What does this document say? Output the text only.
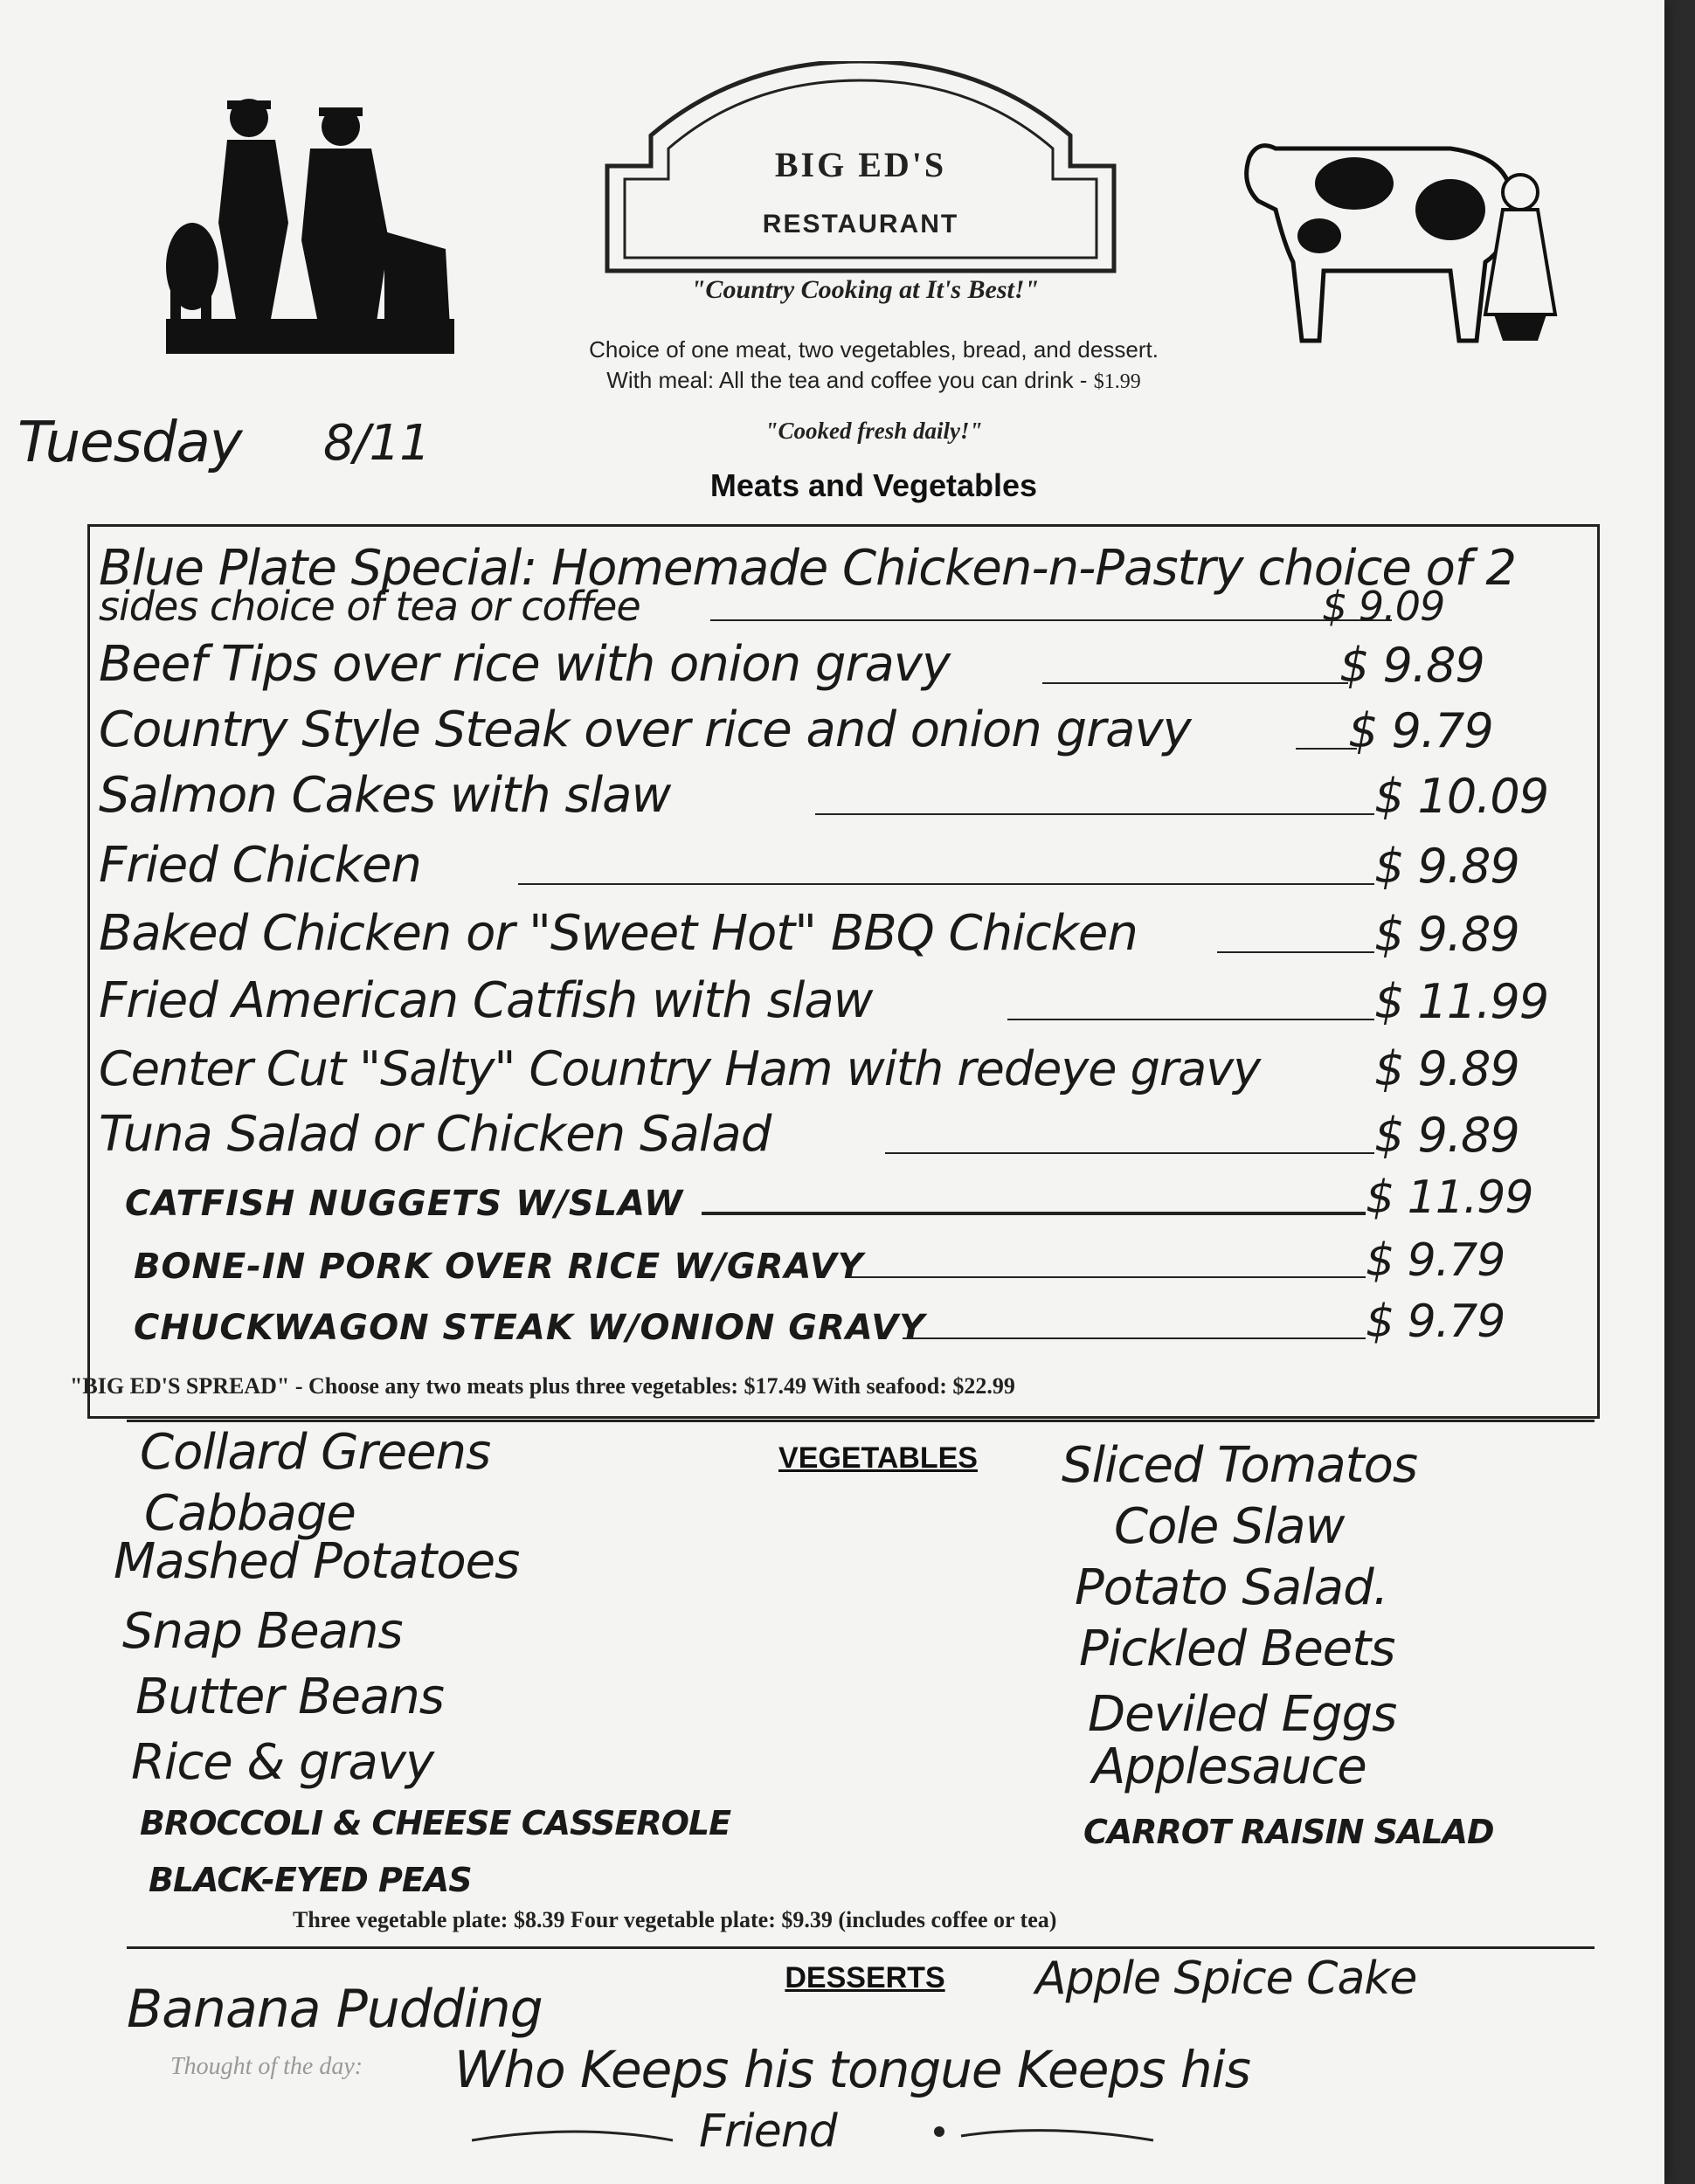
BIG ED'S
RESTAURANT
"Country Cooking at It's Best!"
Choice of one meat, two vegetables, bread, and dessert.
With meal: All the tea and coffee you can drink - $1.99
Tuesday 8/11	"Cooked fresh daily!"
Meats and Vegetables
Blue Plate Special: Homemade Chicken-n-Pastry choice of 2
sides choice of tea or coffee	$ 9.09
Beef Tips over rice with onion gravy	$ 9.89
Country Style Steak over rice and onion gravy	$ 9.79
Salmon Cakes with slaw	$ 10.09
Fried Chicken	$ 9.89
Baked Chicken or "Sweet Hot" BBQ Chicken	$ 9.89
Fried American Catfish with slaw	$ 11.99
Center Cut "Salty" Country Ham with redeye gravy $ 9.89
Tuna Salad or Chicken Salad	$ 9.89
CATFISH NUGGETS W/SLAW	$ 11.99
BONE-IN PORK OVER RICE W/GRAVY	$ 9.79
CHUCKWAGON STEAK W/ONION GRAVY	$ 9.79
"BIG ED'S SPREAD" - Choose any two meats plus three vegetables: $17.49 With seafood: $22.99
VEGETABLES
Collard Greens
Cabbage
Mashed Potatoes
Snap Beans
Butter Beans
Rice & gravy
BROCCOLI & CHEESE CASSEROLE
BLACK-EYED PEAS
Sliced Tomatos
Cole Slaw
Potato Salad.
Pickled Beets
Deviled Eggs
Applesauce
CARROT RAISIN SALAD
Three vegetable plate: $8.39 Four vegetable plate: $9.39 (includes coffee or tea)
DESSERTS
Banana Pudding	Apple Spice Cake
Thought of the day: Who Keeps his tongue Keeps his
Friend
